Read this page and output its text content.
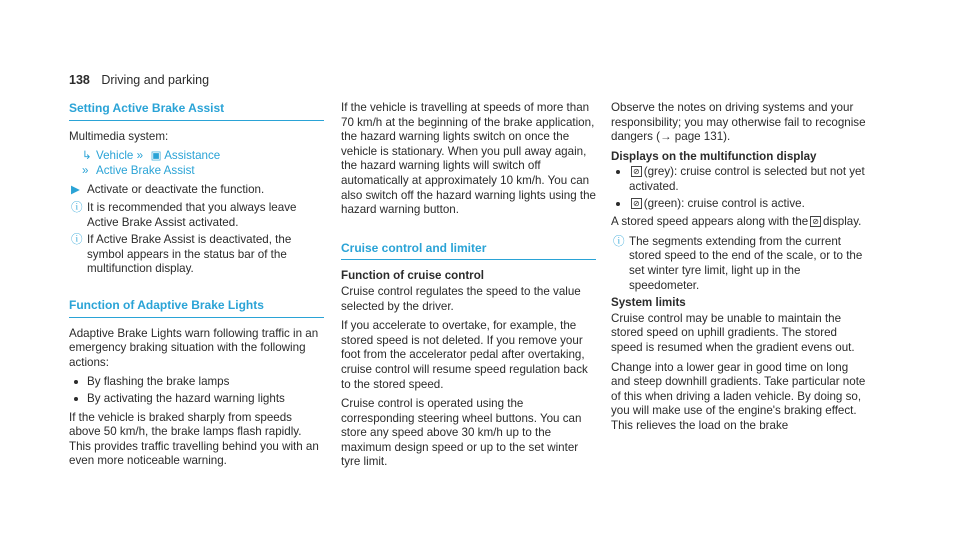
138 Driving and parking
Setting Active Brake Assist

Multimedia system:

↳ Vehicle » ▣ Assistance
» Active Brake Assist
▶ Activate or deactivate the function.
ⓘ It is recommended that you always leave Active Brake Assist activated.
ⓘ If Active Brake Assist is deactivated, the symbol appears in the status bar of the multifunction display.
Function of Adaptive Brake Lights

Adaptive Brake Lights warn following traffic in an emergency braking situation with the following actions:

By flashing the brake lamps
By activating the hazard warning lights

If the vehicle is braked sharply from speeds above 50 km/h, the brake lamps flash rapidly. This provides traffic travelling behind you with an even more noticeable warning.

If the vehicle is travelling at speeds of more than 70 km/h at the beginning of the brake application, the hazard warning lights switch on once the vehicle is stationary. When you pull away again, the hazard warning lights will switch off automatically at approximately 10 km/h. You can also switch off the hazard warning lights using the hazard warning button.

Cruise control and limiter

Function of cruise control

Cruise control regulates the speed to the value selected by the driver.

If you accelerate to overtake, for example, the stored speed is not deleted. If you remove your foot from the accelerator pedal after overtaking, cruise control will resume speed regulation back to the stored speed.

Cruise control is operated using the corresponding steering wheel buttons. You can store any speed above 30 km/h up to the maximum design speed or up to the set winter tyre limit.

Observe the notes on driving systems and your responsibility; you may otherwise fail to recognise dangers (→ page 131).

Displays on the multifunction display

⊘ (grey): cruise control is selected but not yet activated.
⊘ (green): cruise control is active.

A stored speed appears along with the ⊘ display.

ⓘ The segments extending from the current stored speed to the end of the scale, or to the set winter tyre limit, light up in the speedometer.

System limits

Cruise control may be unable to maintain the stored speed on uphill gradients. The stored speed is resumed when the gradient evens out.

Change into a lower gear in good time on long and steep downhill gradients. Take particular note of this when driving a laden vehicle. By doing so, you will make use of the engine's braking effect. This relieves the load on the brake
